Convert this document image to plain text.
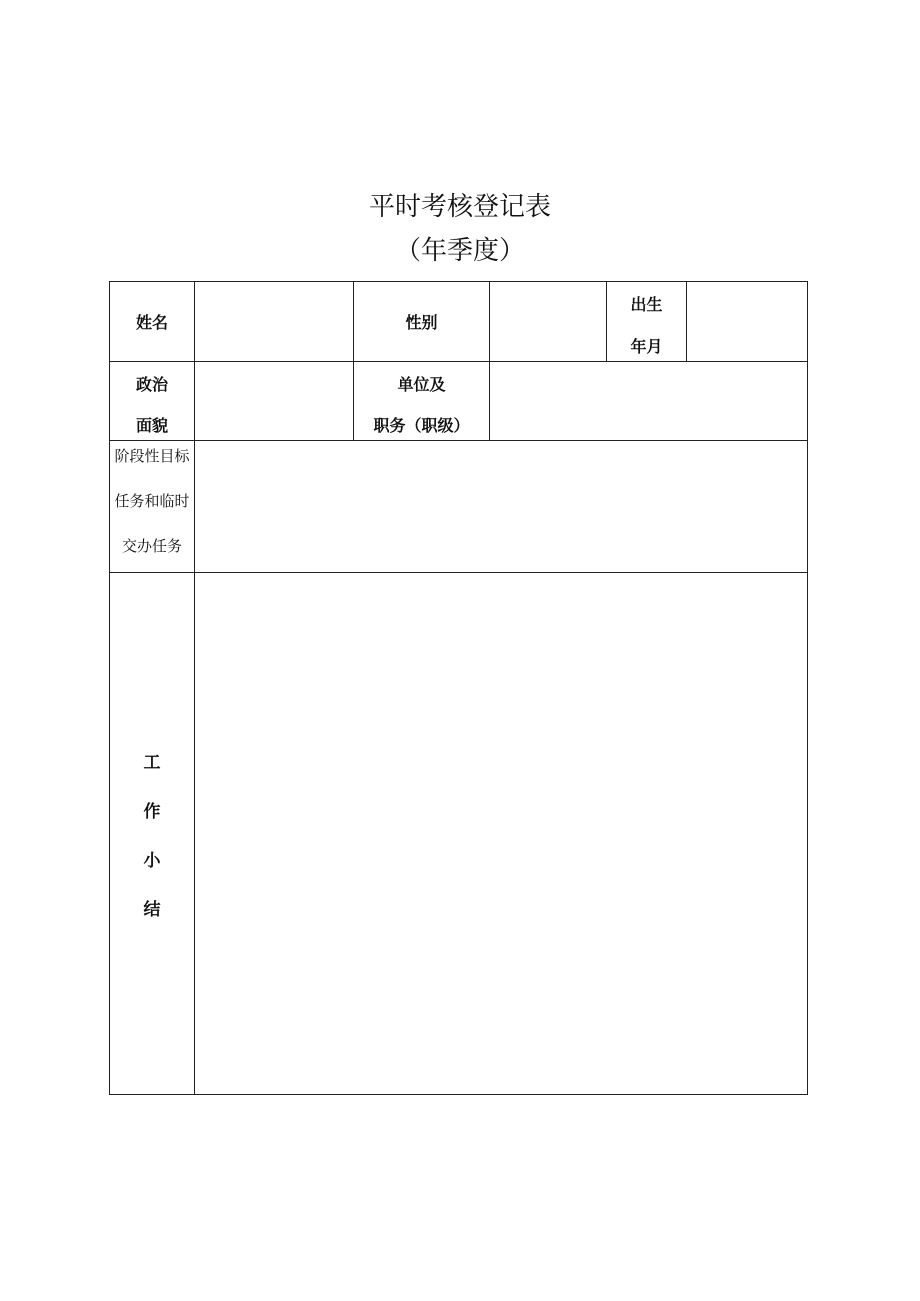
平时考核登记表
（年季度）
姓名	性别
出生
年月
政治
面貌
单位及
职务（职级）
阶段性目标
任务和临时
交办任务
工
作
小
结
